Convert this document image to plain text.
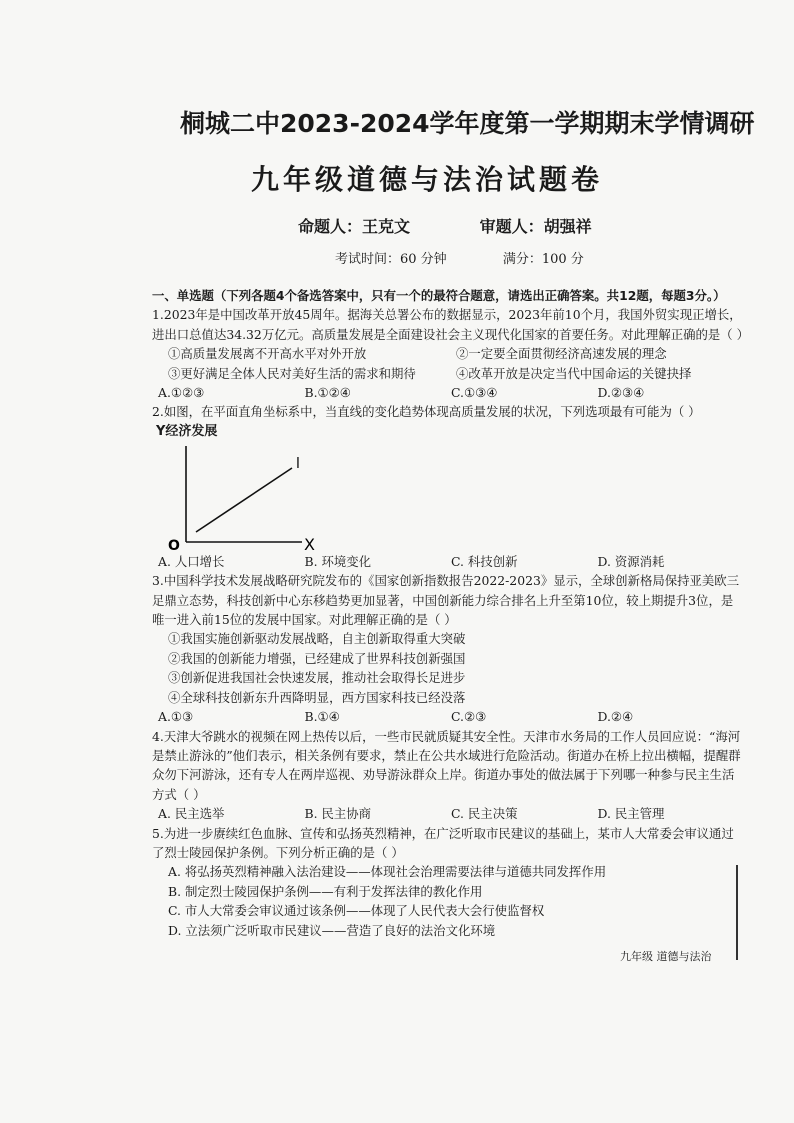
桐城二中2023-2024学年度第一学期期末学情调研
九年级道德与法治试题卷
命题人：王克文	审题人：胡强祥
考试时间：60 分钟	满分：100 分

一、单选题（下列各题4个备选答案中，只有一个的最符合题意，请选出正确答案。共12题，每题3分。）

1.2023年是中国改革开放45周年。据海关总署公布的数据显示，2023年前10个月，我国外贸实现正增长，进出口总值达34.32万亿元。高质量发展是全面建设社会主义现代化国家的首要任务。对此理解正确的是（ ）

①高质量发展离不开高水平对外开放	②一定要全面贯彻经济高速发展的理念
③更好满足全体人民对美好生活的需求和期待	④改革开放是决定当代中国命运的关键抉择
A.①②③	B.①②④	C.①③④	D.②③④

2.如图，在平面直角坐标系中，当直线的变化趋势体现高质量发展的状况，下列选项最有可能为（ ）

Y经济发展
O	X
l
A. 人口增长	B. 环境变化	C. 科技创新	D. 资源消耗

3.中国科学技术发展战略研究院发布的《国家创新指数报告2022-2023》显示，全球创新格局保持亚美欧三足鼎立态势，科技创新中心东移趋势更加显著，中国创新能力综合排名上升至第10位，较上期提升3位，是唯一进入前15位的发展中国家。对此理解正确的是（ ）

①我国实施创新驱动发展战略，自主创新取得重大突破
②我国的创新能力增强，已经建成了世界科技创新强国
③创新促进我国社会快速发展，推动社会取得长足进步
④全球科技创新东升西降明显，西方国家科技已经没落
A.①③	B.①④	C.②③	D.②④

4.天津大爷跳水的视频在网上热传以后，一些市民就质疑其安全性。天津市水务局的工作人员回应说：“海河是禁止游泳的”他们表示，相关条例有要求，禁止在公共水域进行危险活动。街道办在桥上拉出横幅，提醒群众勿下河游泳，还有专人在两岸巡视、劝导游泳群众上岸。街道办事处的做法属于下列哪一种参与民主生活方式（ ）

A. 民主选举	B. 民主协商	C. 民主决策	D. 民主管理

5.为进一步赓续红色血脉、宣传和弘扬英烈精神，在广泛听取市民建议的基础上，某市人大常委会审议通过了烈士陵园保护条例。下列分析正确的是（ ）

A. 将弘扬英烈精神融入法治建设——体现社会治理需要法律与道德共同发挥作用
B. 制定烈士陵园保护条例——有利于发挥法律的教化作用
C. 市人大常委会审议通过该条例——体现了人民代表大会行使监督权
D. 立法须广泛听取市民建议——营造了良好的法治文化环境
九年级 道德与法治
